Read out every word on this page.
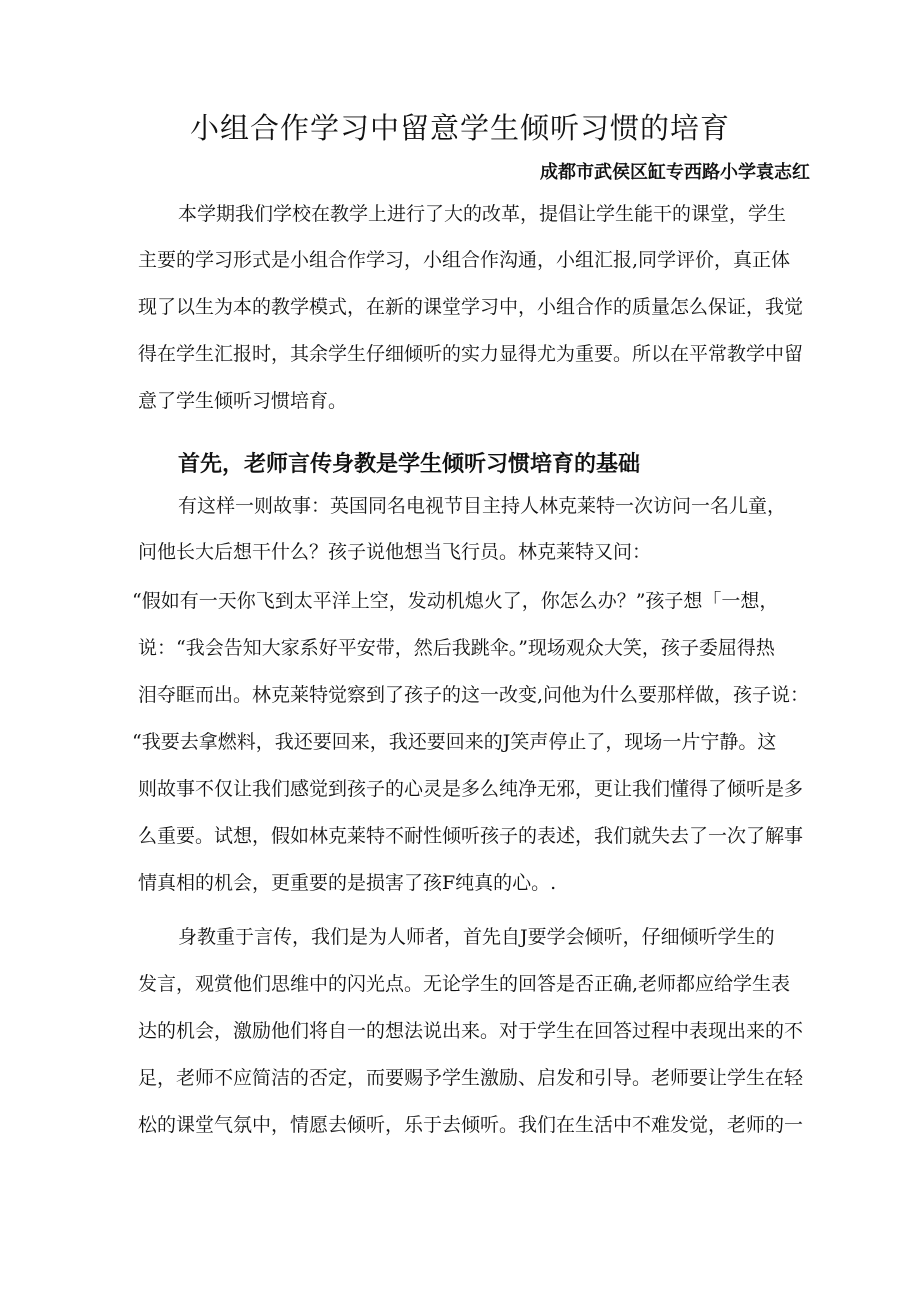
小组合作学习中留意学生倾听习惯的培育
成都市武侯区缸专西路小学袁志红
本学期我们学校在教学上进行了大的改革，提倡让学生能干的课堂，学生
主要的学习形式是小组合作学习，小组合作沟通，小组汇报,同学评价，真正体
现了以生为本的教学模式，在新的课堂学习中，小组合作的质量怎么保证，我觉
得在学生汇报时，其余学生仔细倾听的实力显得尤为重要。所以在平常教学中留
意了学生倾听习惯培育。
首先，老师言传身教是学生倾听习惯培育的基础
有这样一则故事：英国同名电视节目主持人林克莱特一次访问一名儿童，
问他长大后想干什么？孩子说他想当飞行员。林克莱特又问：
“假如有一天你飞到太平洋上空，发动机熄火了，你怎么办？”孩子想「一想，
说：“我会告知大家系好平安带，然后我跳伞。”现场观众大笑，孩子委屈得热
泪夺眶而出。林克莱特觉察到了孩子的这一改变,问他为什么要那样做，孩子说：
“我要去拿燃料，我还要回来，我还要回来的J笑声停止了，现场一片宁静。这
则故事不仅让我们感觉到孩子的心灵是多么纯净无邪，更让我们懂得了倾听是多
么重要。试想，假如林克莱特不耐性倾听孩子的表述，我们就失去了一次了解事
情真相的机会，更重要的是损害了孩F纯真的心。.
身教重于言传，我们是为人师者，首先自J要学会倾听，仔细倾听学生的
发言，观赏他们思维中的闪光点。无论学生的回答是否正确,老师都应给学生表
达的机会，激励他们将自一的想法说出来。对于学生在回答过程中表现出来的不
足，老师不应简洁的否定，而要赐予学生激励、启发和引导。老师要让学生在轻
松的课堂气氛中，情愿去倾听，乐于去倾听。我们在生活中不难发觉，老师的一
